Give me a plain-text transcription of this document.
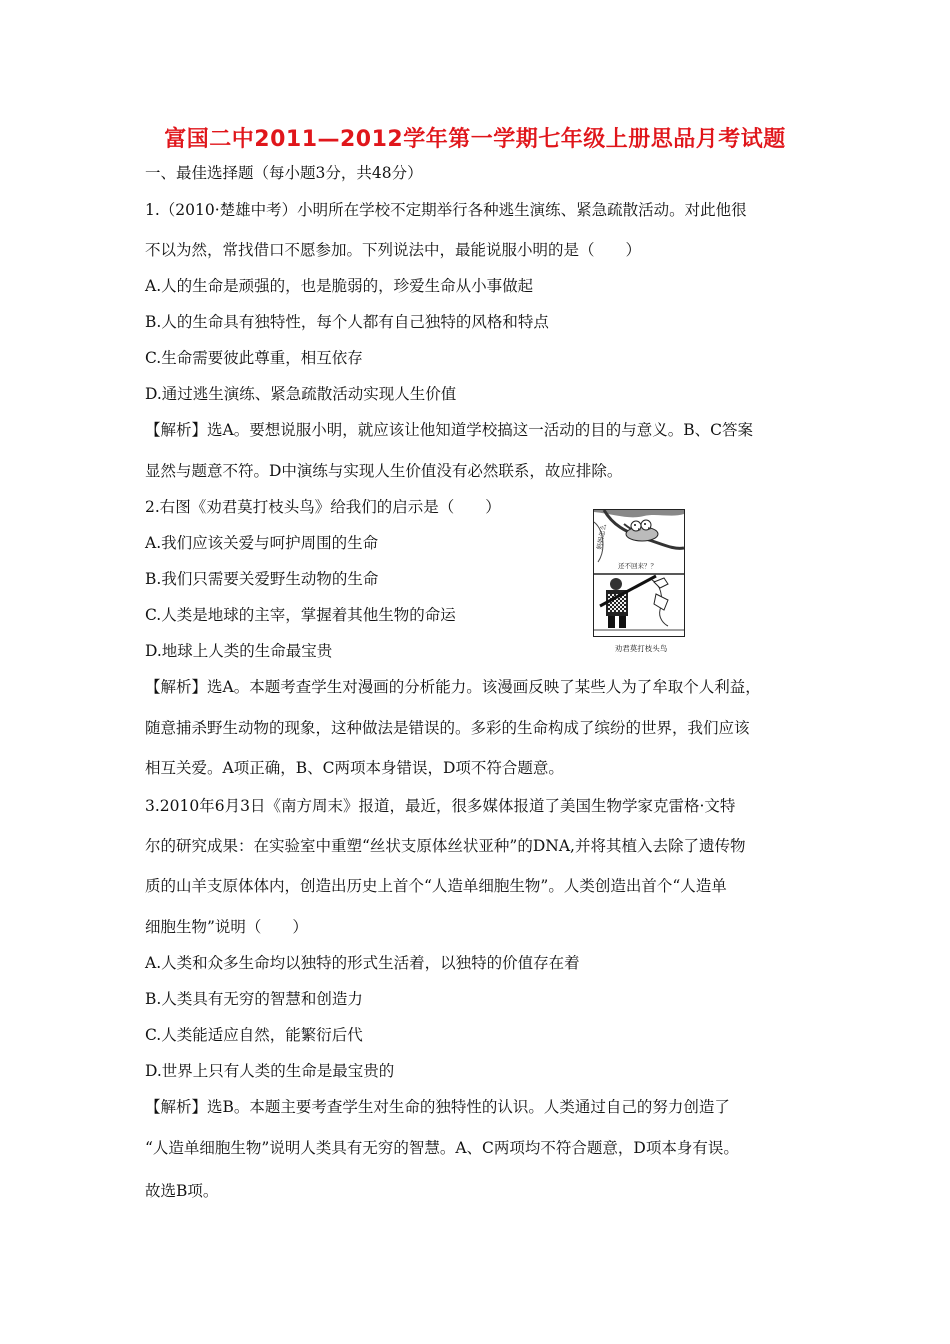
富国二中2011—2012学年第一学期七年级上册思品月考试题
一、最佳选择题（每小题3分，共48分）
1.（2010·楚雄中考）小明所在学校不定期举行各种逃生演练、紧急疏散活动。对此他很
不以为然，常找借口不愿参加。下列说法中，最能说服小明的是（　　）
A.人的生命是顽强的，也是脆弱的，珍爱生命从小事做起
B.人的生命具有独特性，每个人都有自己独特的风格和特点
C.生命需要彼此尊重，相互依存
D.通过逃生演练、紧急疏散活动实现人生价值
【解析】选A。要想说服小明，就应该让他知道学校搞这一活动的目的与意义。B、C答案
显然与题意不符。D中演练与实现人生价值没有必然联系，故应排除。
2.右图《劝君莫打枝头鸟》给我们的启示是（　　）
A.我们应该关爱与呵护周围的生命
B.我们只需要关爱野生动物的生命
C.人类是地球的主宰，掌握着其他生物的命运
D.地球上人类的生命最宝贵
妈妈怎么
还不回来？？
劝君莫打枝头鸟
【解析】选A。本题考查学生对漫画的分析能力。该漫画反映了某些人为了牟取个人利益，
随意捕杀野生动物的现象，这种做法是错误的。多彩的生命构成了缤纷的世界，我们应该
相互关爱。A项正确，B、C两项本身错误，D项不符合题意。
3.2010年6月3日《南方周末》报道，最近，很多媒体报道了美国生物学家克雷格·文特
尔的研究成果：在实验室中重塑“丝状支原体丝状亚种”的DNA,并将其植入去除了遗传物
质的山羊支原体体内，创造出历史上首个“人造单细胞生物”。人类创造出首个“人造单
细胞生物”说明（　　）
A.人类和众多生命均以独特的形式生活着，以独特的价值存在着
B.人类具有无穷的智慧和创造力
C.人类能适应自然，能繁衍后代
D.世界上只有人类的生命是最宝贵的
【解析】选B。本题主要考查学生对生命的独特性的认识。人类通过自己的努力创造了
“人造单细胞生物”说明人类具有无穷的智慧。A、C两项均不符合题意，D项本身有误。
故选B项。
